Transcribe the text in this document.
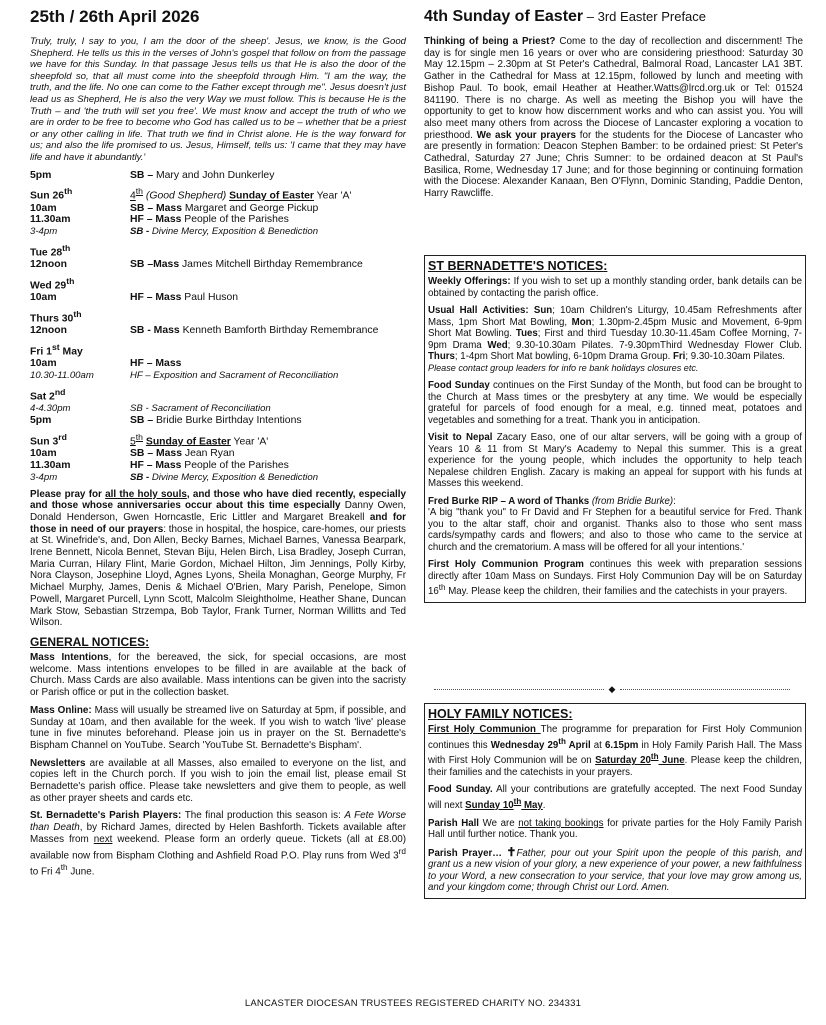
25th / 26th April 2026
Truly, truly, I say to you, I am the door of the sheep'. Jesus, we know, is the Good Shepherd. He tells us this in the verses of John's gospel that follow on from the passage we have for this Sunday. In that passage Jesus tells us that He is also the door of the sheepfold so, that all must come into the sheepfold through Him. "I am the way, the truth, and the life. No one can come to the Father except through me". Jesus doesn't just lead us as Shepherd, He is also the very Way we must follow. This is because He is the Truth – and 'the truth will set you free'. We must know and accept the truth of who we are in order to be free to become who God has called us to be – whether that be a priest or any other calling in life. That truth we find in Christ alone. He is the way forward for us; and also the life promised to us. Jesus, Himself, tells us: 'I came that they may have life and have it abundantly.'
5pm	SB – Mary and John Dunkerley
Sun 26th	4th (Good Shepherd) Sunday of Easter Year 'A'
10am	SB – Mass Margaret and George Pickup
11.30am	HF – Mass People of the Parishes
3-4pm	SB - Divine Mercy, Exposition & Benediction
Tue 28th
12noon	SB –Mass James Mitchell Birthday Remembrance
Wed 29th
10am	HF – Mass Paul Huson
Thurs 30th
12noon	SB - Mass Kenneth Bamforth Birthday Remembrance
Fri 1st May
10am	HF – Mass
10.30-11.00am	HF – Exposition and Sacrament of Reconciliation
Sat 2nd
4-4.30pm	SB - Sacrament of Reconciliation
5pm	SB – Bridie Burke Birthday Intentions
Sun 3rd	5th Sunday of Easter Year 'A'
10am	SB – Mass Jean Ryan
11.30am	HF – Mass People of the Parishes
3-4pm	SB - Divine Mercy, Exposition & Benediction

Please pray for all the holy souls, and those who have died recently, especially and those whose anniversaries occur about this time especially Danny Owen, Donald Henderson, Gwen Horncastle, Eric Littler and Margaret Breakell and for those in need of our prayers: those in hospital, the hospice, care-homes, our priests at St. Winefride's, and, Don Allen, Becky Barnes, Michael Barnes, Vanessa Bearpark, Irene Bennett, Nicola Bennet, Stevan Biju, Helen Birch, Lisa Bradley, Joseph Curran, Maria Curran, Hilary Flint, Marie Gordon, Michael Hilton, Jim Jennings, Polly Kirby, Nora Clayson, Josephine Lloyd, Agnes Lyons, Sheila Monaghan, George Murphy, Fr Michael Murphy, James, Denis & Michael O'Brien, Mary Parish, Penelope, Simon Powell, Margaret Purcell, Lynn Scott, Malcolm Sleightholme, Heather Shane, Duncan Mark Stow, Sebastian Strzempa, Bob Taylor, Frank Turner, Norman Willitts and Ted Wilson.

GENERAL NOTICES:

Mass Intentions, for the bereaved, the sick, for special occasions, are most welcome. Mass intentions envelopes to be filled in are available at the back of Church. Mass Cards are also available. Mass intentions can be given into the sacristy or Parish office or put in the collection basket.

Mass Online: Mass will usually be streamed live on Saturday at 5pm, if possible, and Sunday at 10am, and then available for the week. If you wish to watch 'live' please tune in five minutes beforehand. Please join us in prayer on the St. Bernadette's Bispham Channel on YouTube. Search 'YouTube St. Bernadette's Bispham'.

Newsletters are available at all Masses, also emailed to everyone on the list, and copies left in the Church porch. If you wish to join the email list, please email St Bernadette's parish office. Please take newsletters and give them to people, as well as other prayer sheets and cards etc.

St. Bernadette's Parish Players: The final production this season is: A Fete Worse than Death, by Richard James, directed by Helen Bashforth. Tickets available after Masses from next weekend. Please form an orderly queue. Tickets (all at £8.00) available now from Bispham Clothing and Ashfield Road P.O. Play runs from Wed 3rd to Fri 4th June.

4th Sunday of Easter – 3rd Easter Preface

Thinking of being a Priest? Come to the day of recollection and discernment! The day is for single men 16 years or over who are considering priesthood: Saturday 30 May 12.15pm – 2.30pm at St Peter's Cathedral, Balmoral Road, Lancaster LA1 3BT. Gather in the Cathedral for Mass at 12.15pm, followed by lunch and meeting with Bishop Paul. To book, email Heather at Heather.Watts@lrcd.org.uk or Tel: 01524 841190. There is no charge. As well as meeting the Bishop you will have the opportunity to get to know how discernment works and who can assist you. You will also meet many others from across the Diocese of Lancaster exploring a vocation to priesthood. We ask your prayers for the students for the Diocese of Lancaster who are presently in formation: Deacon Stephen Bamber: to be ordained priest: St Peter's Cathedral, Saturday 27 June; Chris Sumner: to be ordained deacon at St Paul's Basilica, Rome, Wednesday 17 June; and for those beginning or continuing formation with the Diocese: Alexander Kanaan, Ben O'Flynn, Dominic Standing, Paddie Denton, Harry Rawcliffe.

ST BERNADETTE'S NOTICES:

Weekly Offerings: If you wish to set up a monthly standing order, bank details can be obtained by contacting the parish office.

Usual Hall Activities: Sun; 10am Children's Liturgy, 10.45am Refreshments after Mass, 1pm Short Mat Bowling, Mon; 1.30pm-2.45pm Music and Movement, 6-9pm Short Mat Bowling. Tues; First and third Tuesday 10.30-11.45am Coffee Morning, 7-9pm Drama Wed; 9.30-10.30am Pilates. 7-9.30pmThird Wednesday Flower Club. Thurs; 1-4pm Short Mat bowling, 6-10pm Drama Group. Fri; 9.30-10.30am Pilates.
Please contact group leaders for info re bank holidays closures etc.

Food Sunday continues on the First Sunday of the Month, but food can be brought to the Church at Mass times or the presbytery at any time. We would be especially grateful for parcels of food enough for a meal, e.g. tinned meat, potatoes and vegetables and something for a treat. Thank you in anticipation.

Visit to Nepal Zacary Easo, one of our altar servers, will be going with a group of Years 10 & 11 from St Mary's Academy to Nepal this summer. This is a great experience for the young people, which includes the opportunity to help teach Nepalese children English. Zacary is making an appeal for support with his funds at Masses this weekend.

Fred Burke RIP – A word of Thanks (from Bridie Burke):
'A big "thank you" to Fr David and Fr Stephen for a beautiful service for Fred. Thank you to the altar staff, choir and organist. Thanks also to those who sent mass cards/sympathy cards and flowers; and also to those who came to the service at church and the crematorium. A mass will be offered for all your intentions.'

First Holy Communion Program continues this week with preparation sessions directly after 10am Mass on Sundays. First Holy Communion Day will be on Saturday 16th May. Please keep the children, their families and the catechists in your prayers.

◆
HOLY FAMILY NOTICES:

First Holy Communion The programme for preparation for First Holy Communion continues this Wednesday 29th April at 6.15pm in Holy Family Parish Hall. The Mass with First Holy Communion will be on Saturday 20th June. Please keep the children, their families and the catechists in your prayers.

Food Sunday. All your contributions are gratefully accepted. The next Food Sunday will next Sunday 10th May.

Parish Hall We are not taking bookings for private parties for the Holy Family Parish Hall until further notice. Thank you.

Parish Prayer… ✝Father, pour out your Spirit upon the people of this parish, and grant us a new vision of your glory, a new experience of your power, a new faithfulness to your Word, a new consecration to your service, that your love may grow among us, and your kingdom come; through Christ our Lord. Amen.

LANCASTER DIOCESAN TRUSTEES REGISTERED CHARITY NO. 234331
